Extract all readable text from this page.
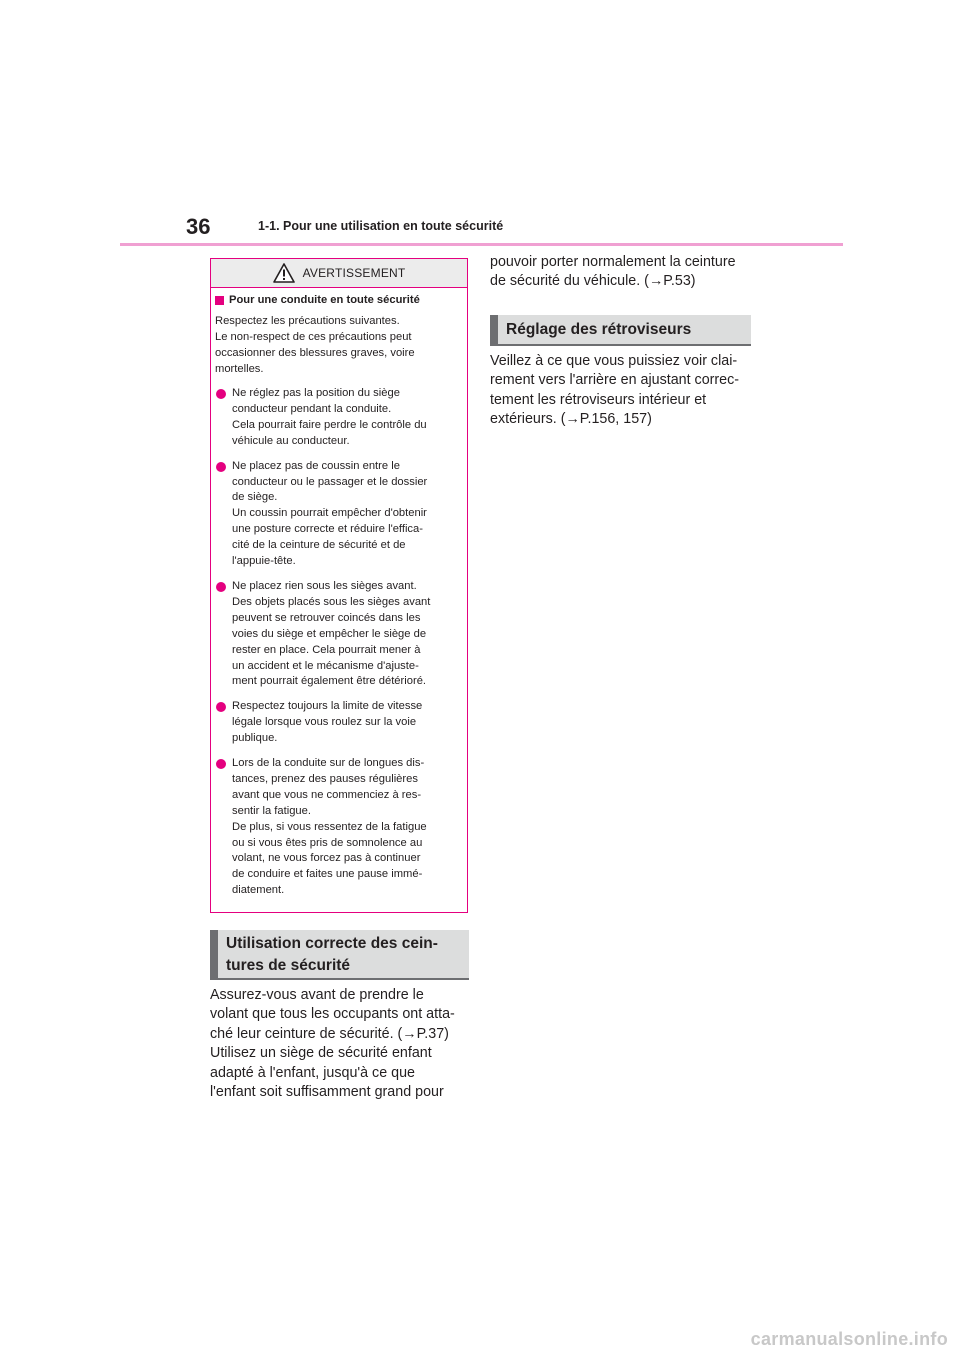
36	1-1. Pour une utilisation en toute sécurité
AVERTISSEMENT
Pour une conduite en toute sécurité
Respectez les précautions suivantes.
Le non-respect de ces précautions peut
occasionner des blessures graves, voire
mortelles.
Ne réglez pas la position du siège
conducteur pendant la conduite.
Cela pourrait faire perdre le contrôle du
véhicule au conducteur.
Ne placez pas de coussin entre le
conducteur ou le passager et le dossier
de siège.
Un coussin pourrait empêcher d'obtenir
une posture correcte et réduire l'effica-
cité de la ceinture de sécurité et de
l'appuie-tête.
Ne placez rien sous les sièges avant.
Des objets placés sous les sièges avant
peuvent se retrouver coincés dans les
voies du siège et empêcher le siège de
rester en place. Cela pourrait mener à
un accident et le mécanisme d'ajuste-
ment pourrait également être détérioré.
Respectez toujours la limite de vitesse
légale lorsque vous roulez sur la voie
publique.
Lors de la conduite sur de longues dis-
tances, prenez des pauses régulières
avant que vous ne commenciez à res-
sentir la fatigue.
De plus, si vous ressentez de la fatigue
ou si vous êtes pris de somnolence au
volant, ne vous forcez pas à continuer
de conduire et faites une pause immé-
diatement.
Utilisation correcte des cein-
tures de sécurité
Assurez-vous avant de prendre le
volant que tous les occupants ont atta-
ché leur ceinture de sécurité. (→P.37)
Utilisez un siège de sécurité enfant
adapté à l'enfant, jusqu'à ce que
l'enfant soit suffisamment grand pour
pouvoir porter normalement la ceinture
de sécurité du véhicule. (→P.53)
Réglage des rétroviseurs
Veillez à ce que vous puissiez voir clai-
rement vers l'arrière en ajustant correc-
tement les rétroviseurs intérieur et
extérieurs. (→P.156, 157)
carmanualsonline.info
